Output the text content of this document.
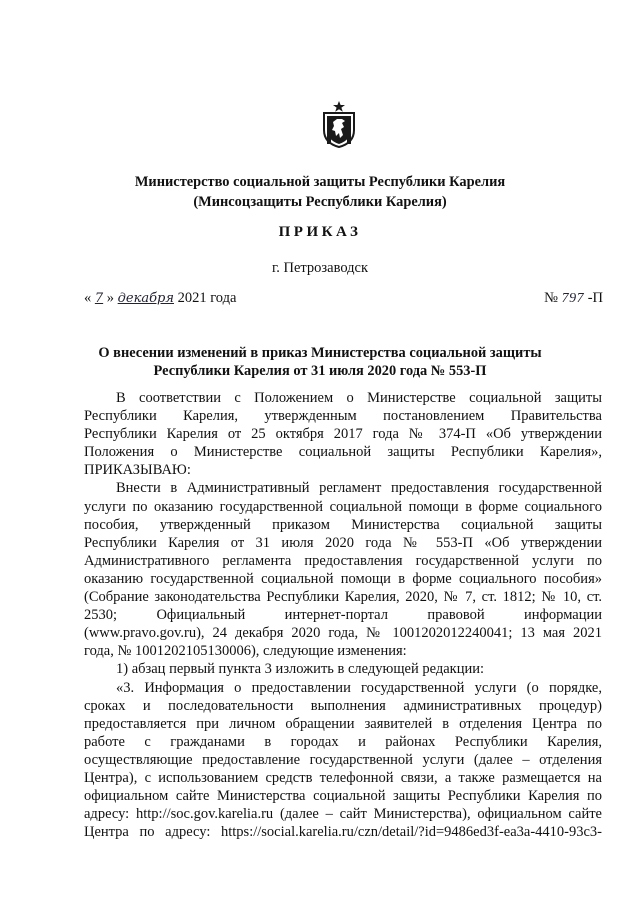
Министерство социальной защиты Республики Карелия
(Минсоцзащиты Республики Карелия)
ПРИКАЗ
г. Петрозаводск
« 7 » декабря 2021 года	№ 797 -П
О внесении изменений в приказ Министерства социальной защиты
Республики Карелия от 31 июля 2020 года № 553-П

В соответствии с Положением о Министерстве социальной защиты

Республики Карелия, утвержденным постановлением Правительства

Республики Карелия от 25 октября 2017 года № 374-П «Об утверждении

Положения о Министерстве социальной защиты Республики Карелия»,

ПРИКАЗЫВАЮ:

Внести в Административный регламент предоставления государственной

услуги по оказанию государственной социальной помощи в форме социального

пособия, утвержденный приказом Министерства социальной защиты

Республики Карелия от 31 июля 2020 года № 553-П «Об утверждении

Административного регламента предоставления государственной услуги по

оказанию государственной социальной помощи в форме социального пособия»

(Собрание законодательства Республики Карелия, 2020, № 7, ст. 1812; № 10, ст.

2530; Официальный интернет-портал правовой информации

(www.pravo.gov.ru), 24 декабря 2020 года, № 1001202012240041; 13 мая 2021

года, № 1001202105130006), следующие изменения:

1) абзац первый пункта 3 изложить в следующей редакции:

«3. Информация о предоставлении государственной услуги (о порядке,

сроках и последовательности выполнения административных процедур)

предоставляется при личном обращении заявителей в отделения Центра по

работе с гражданами в городах и районах Республики Карелия,

осуществляющие предоставление государственной услуги (далее – отделения

Центра), с использованием средств телефонной связи, а также размещается на

официальном сайте Министерства социальной защиты Республики Карелия по

адресу: http://soc.gov.karelia.ru (далее – сайт Министерства), официальном сайте

Центра по адресу: https://social.karelia.ru/czn/detail/?id=9486ed3f-ea3a-4410-93c3-
